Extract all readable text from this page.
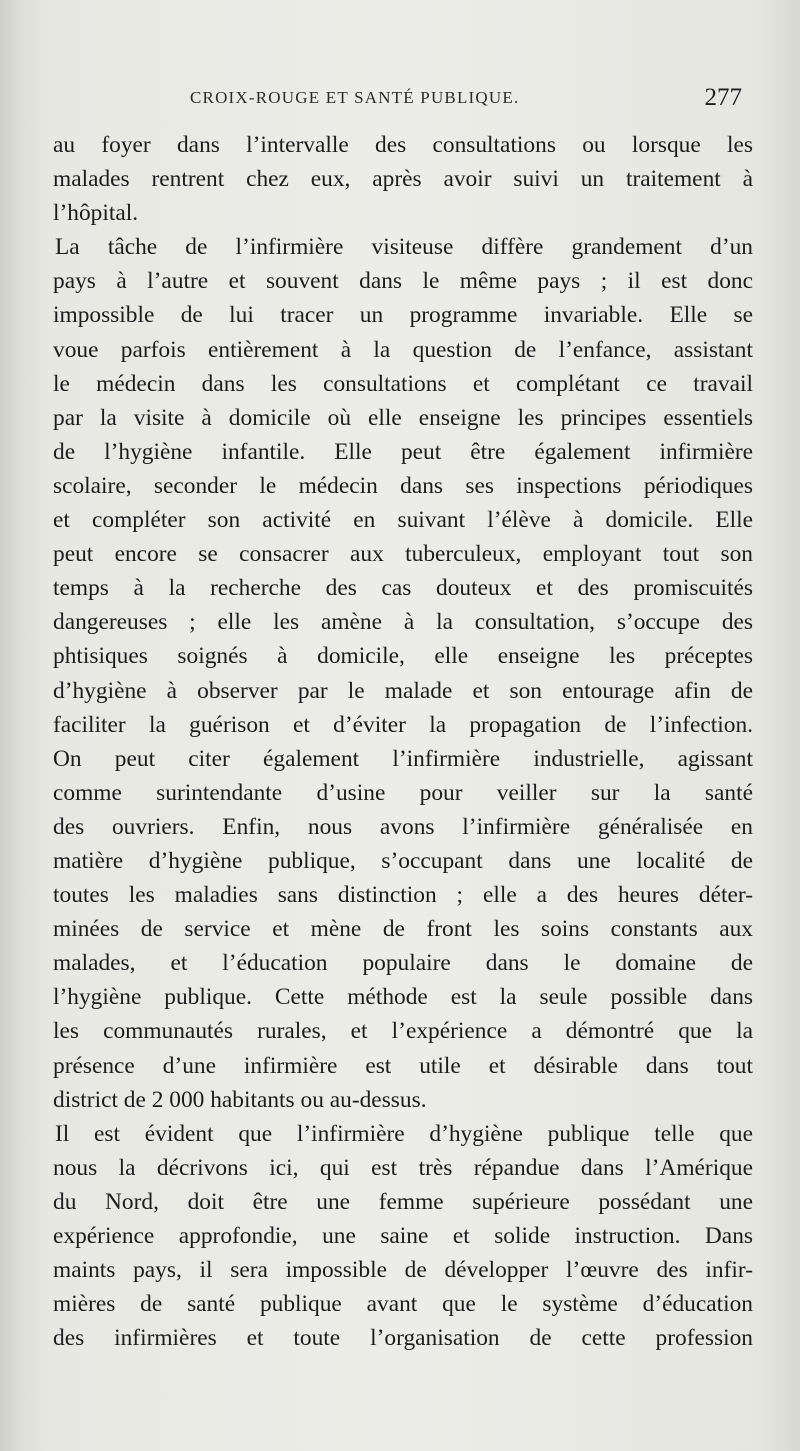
CROIX-ROUGE ET SANTÉ PUBLIQUE.	277
au foyer dans l’intervalle des consultations ou lorsque les
malades rentrent chez eux, après avoir suivi un traitement à
l’hôpital.
La tâche de l’infirmière visiteuse diffère grandement d’un
pays à l’autre et souvent dans le même pays ; il est donc
impossible de lui tracer un programme invariable. Elle se
voue parfois entièrement à la question de l’enfance, assistant
le médecin dans les consultations et complétant ce travail
par la visite à domicile où elle enseigne les principes essentiels
de l’hygiène infantile. Elle peut être également infirmière
scolaire, seconder le médecin dans ses inspections périodiques
et compléter son activité en suivant l’élève à domicile. Elle
peut encore se consacrer aux tuberculeux, employant tout son
temps à la recherche des cas douteux et des promiscuités
dangereuses ; elle les amène à la consultation, s’occupe des
phtisiques soignés à domicile, elle enseigne les préceptes
d’hygiène à observer par le malade et son entourage afin de
faciliter la guérison et d’éviter la propagation de l’infection.
On peut citer également l’infirmière industrielle, agissant
comme surintendante d’usine pour veiller sur la santé
des ouvriers. Enfin, nous avons l’infirmière généralisée en
matière d’hygiène publique, s’occupant dans une localité de
toutes les maladies sans distinction ; elle a des heures déter-
minées de service et mène de front les soins constants aux
malades, et l’éducation populaire dans le domaine de
l’hygiène publique. Cette méthode est la seule possible dans
les communautés rurales, et l’expérience a démontré que la
présence d’une infirmière est utile et désirable dans tout
district de 2 000 habitants ou au-dessus.
Il est évident que l’infirmière d’hygiène publique telle que
nous la décrivons ici, qui est très répandue dans l’Amérique
du Nord, doit être une femme supérieure possédant une
expérience approfondie, une saine et solide instruction. Dans
maints pays, il sera impossible de développer l’œuvre des infir-
mières de santé publique avant que le système d’éducation
des infirmières et toute l’organisation de cette profession
